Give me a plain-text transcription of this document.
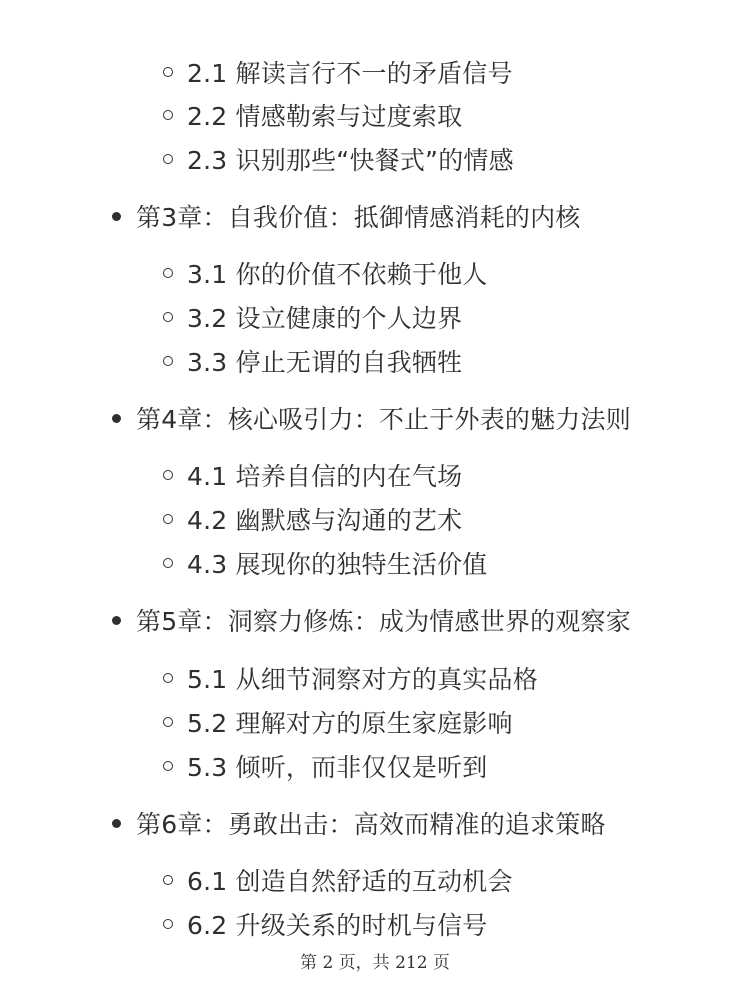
2.1 解读言行不一的矛盾信号
2.2 情感勒索与过度索取
2.3 识别那些“快餐式”的情感
第3章：自我价值：抵御情感消耗的内核
3.1 你的价值不依赖于他人
3.2 设立健康的个人边界
3.3 停止无谓的自我牺牲
第4章：核心吸引力：不止于外表的魅力法则
4.1 培养自信的内在气场
4.2 幽默感与沟通的艺术
4.3 展现你的独特生活价值
第5章：洞察力修炼：成为情感世界的观察家
5.1 从细节洞察对方的真实品格
5.2 理解对方的原生家庭影响
5.3 倾听，而非仅仅是听到
第6章：勇敢出击：高效而精准的追求策略
6.1 创造自然舒适的互动机会
6.2 升级关系的时机与信号
第 2 页，共 212 页
